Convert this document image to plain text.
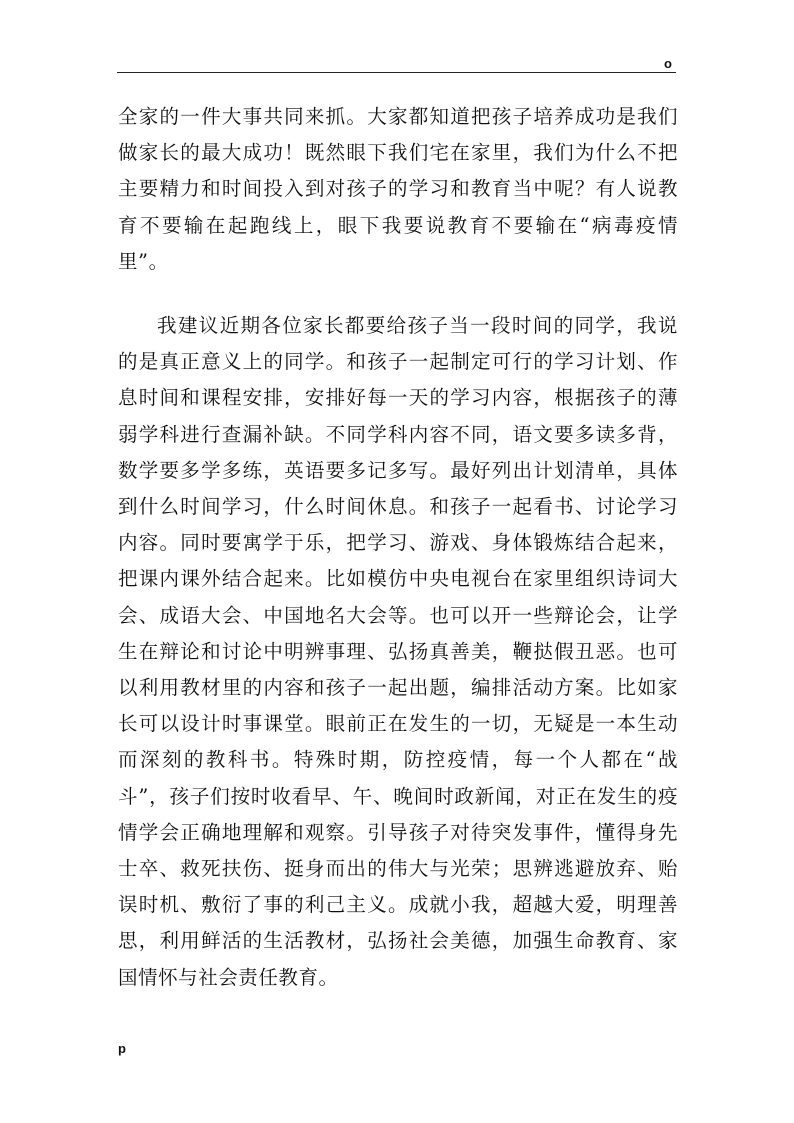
o

全家的一件大事共同来抓。大家都知道把孩子培养成功是我们做家长的最大成功！既然眼下我们宅在家里，我们为什么不把主要精力和时间投入到对孩子的学习和教育当中呢？有人说教育不要输在起跑线上，眼下我要说教育不要输在“病毒疫情里”。

我建议近期各位家长都要给孩子当一段时间的同学，我说的是真正意义上的同学。和孩子一起制定可行的学习计划、作息时间和课程安排，安排好每一天的学习内容，根据孩子的薄弱学科进行查漏补缺。不同学科内容不同，语文要多读多背，数学要多学多练，英语要多记多写。最好列出计划清单，具体到什么时间学习，什么时间休息。和孩子一起看书、讨论学习内容。同时要寓学于乐，把学习、游戏、身体锻炼结合起来，把课内课外结合起来。比如模仿中央电视台在家里组织诗词大会、成语大会、中国地名大会等。也可以开一些辩论会，让学生在辩论和讨论中明辨事理、弘扬真善美，鞭挞假丑恶。也可以利用教材里的内容和孩子一起出题，编排活动方案。比如家长可以设计时事课堂。眼前正在发生的一切，无疑是一本生动而深刻的教科书。特殊时期，防控疫情，每一个人都在“战斗”，孩子们按时收看早、午、晚间时政新闻，对正在发生的疫情学会正确地理解和观察。引导孩子对待突发事件，懂得身先士卒、救死扶伤、挺身而出的伟大与光荣；思辨逃避放弃、贻误时机、敷衍了事的利己主义。成就小我，超越大爱，明理善思，利用鲜活的生活教材，弘扬社会美德，加强生命教育、家国情怀与社会责任教育。

p
